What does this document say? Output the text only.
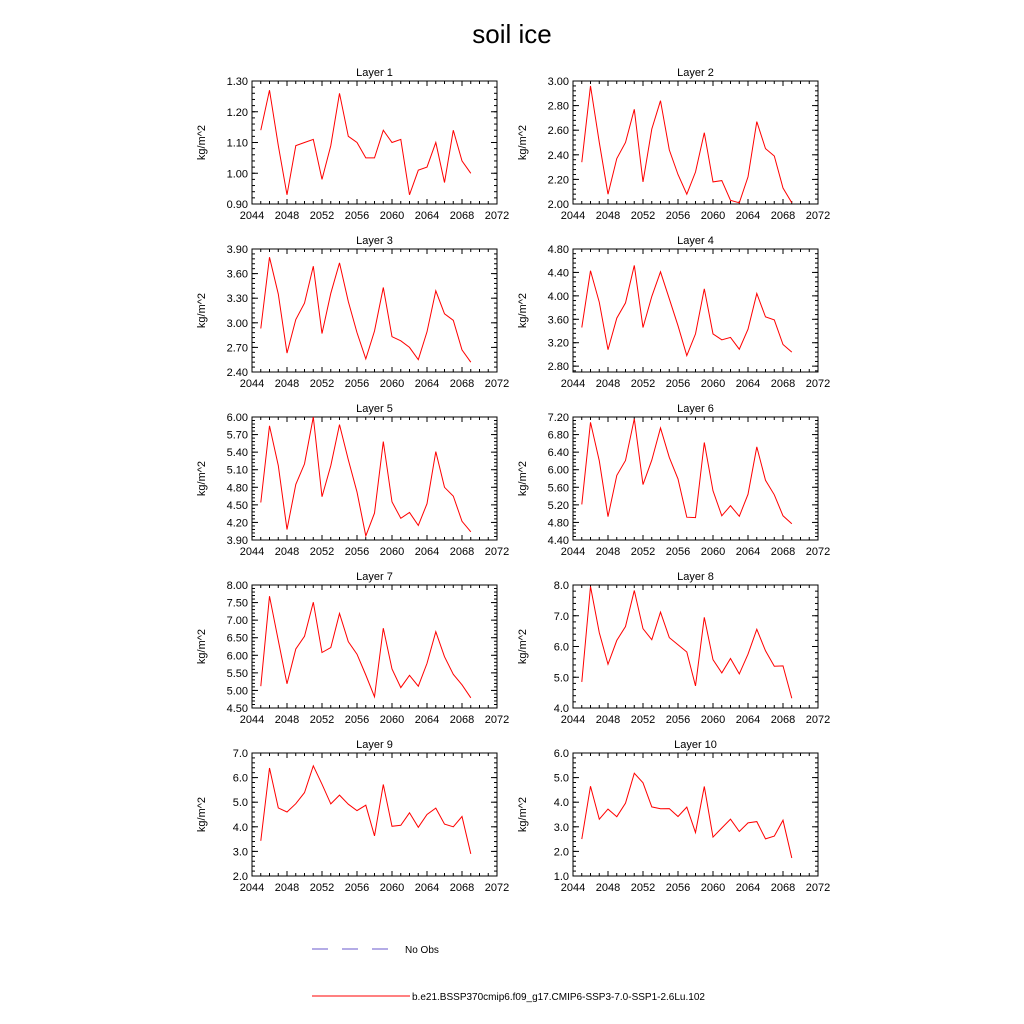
soil ice
Layer 1
kg/m^2
2044 2048 2052 2056 2060 2064 2068 2072
0.90
1.00
1.10
1.20
1.30
Layer 2
kg/m^2
2044 2048 2052 2056 2060 2064 2068 2072
2.00
2.20
2.40
2.60
2.80
3.00
Layer 3
kg/m^2
2044 2048 2052 2056 2060 2064 2068 2072
2.40
2.70
3.00
3.30
3.60
3.90
Layer 4
kg/m^2
2044 2048 2052 2056 2060 2064 2068 2072
2.80
3.20
3.60
4.00
4.40
4.80
Layer 5
kg/m^2
2044 2048 2052 2056 2060 2064 2068 2072
3.90
4.20
4.50
4.80
5.10
5.40
5.70
6.00
Layer 6
kg/m^2
2044 2048 2052 2056 2060 2064 2068 2072
4.40
4.80
5.20
5.60
6.00
6.40
6.80
7.20
Layer 7
kg/m^2
2044 2048 2052 2056 2060 2064 2068 2072
4.50
5.00
5.50
6.00
6.50
7.00
7.50
8.00
Layer 8
kg/m^2
2044 2048 2052 2056 2060 2064 2068 2072
4.0
5.0
6.0
7.0
8.0
Layer 9
kg/m^2
2044 2048 2052 2056 2060 2064 2068 2072
2.0
3.0
4.0
5.0
6.0
7.0
Layer 10
kg/m^2
2044 2048 2052 2056 2060 2064 2068 2072
1.0
2.0
3.0
4.0
5.0
6.0
No Obs
b.e21.BSSP370cmip6.f09_g17.CMIP6-SSP3-7.0-SSP1-2.6Lu.102
